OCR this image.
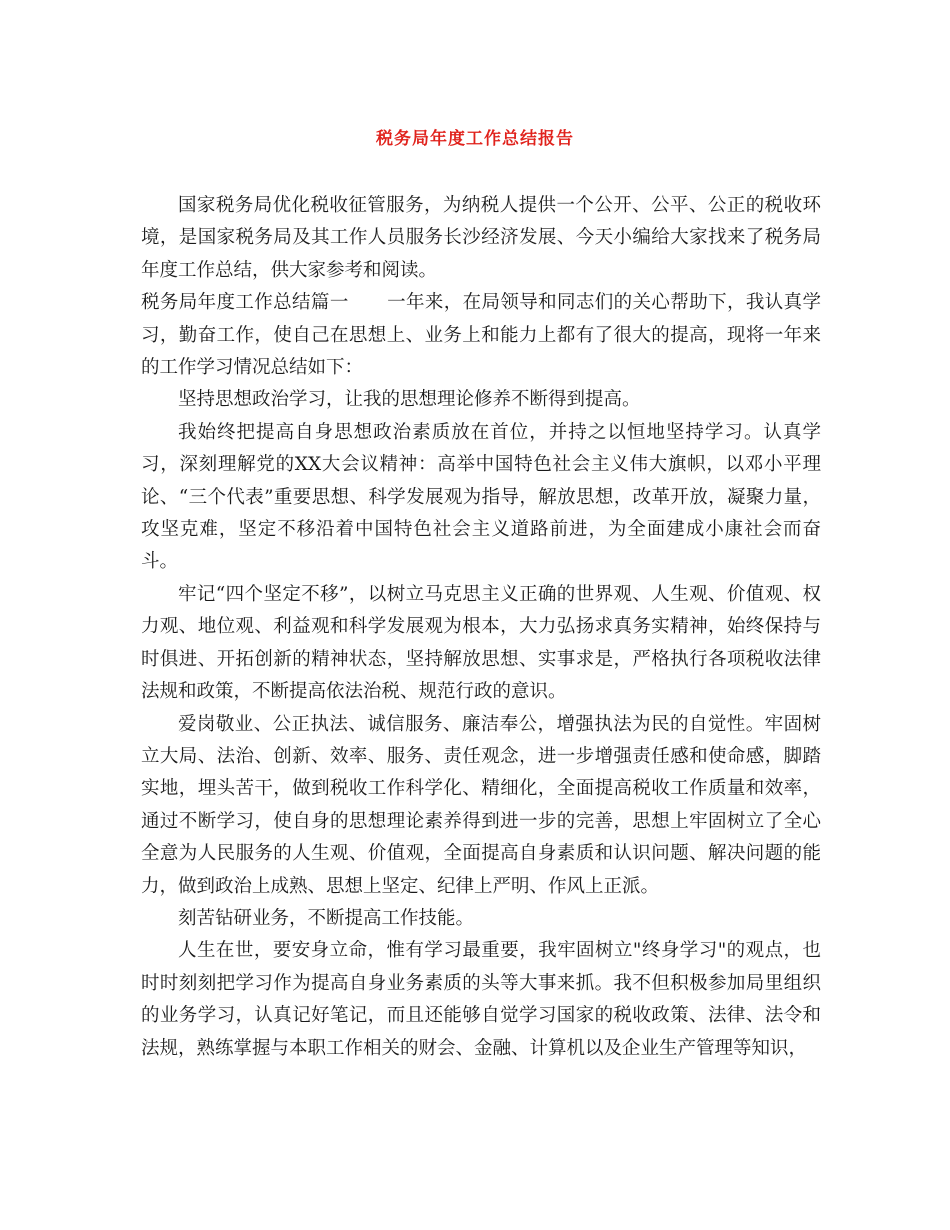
税务局年度工作总结报告

国家税务局优化税收征管服务，为纳税人提供一个公开、公平、公正的税收环境，是国家税务局及其工作人员服务长沙经济发展、今天小编给大家找来了税务局年度工作总结，供大家参考和阅读。

税务局年度工作总结篇一 一年来，在局领导和同志们的关心帮助下，我认真学习，勤奋工作，使自己在思想上、业务上和能力上都有了很大的提高，现将一年来的工作学习情况总结如下：

坚持思想政治学习，让我的思想理论修养不断得到提高。

我始终把提高自身思想政治素质放在首位，并持之以恒地坚持学习。认真学习，深刻理解党的XX大会议精神：高举中国特色社会主义伟大旗帜，以邓小平理论、“三个代表”重要思想、科学发展观为指导，解放思想，改革开放，凝聚力量，攻坚克难，坚定不移沿着中国特色社会主义道路前进，为全面建成小康社会而奋斗。

牢记“四个坚定不移”，以树立马克思主义正确的世界观、人生观、价值观、权力观、地位观、利益观和科学发展观为根本，大力弘扬求真务实精神，始终保持与时俱进、开拓创新的精神状态，坚持解放思想、实事求是，严格执行各项税收法律法规和政策，不断提高依法治税、规范行政的意识。

爱岗敬业、公正执法、诚信服务、廉洁奉公，增强执法为民的自觉性。牢固树立大局、法治、创新、效率、服务、责任观念，进一步增强责任感和使命感，脚踏实地，埋头苦干，做到税收工作科学化、精细化，全面提高税收工作质量和效率，通过不断学习，使自身的思想理论素养得到进一步的完善，思想上牢固树立了全心全意为人民服务的人生观、价值观，全面提高自身素质和认识问题、解决问题的能力，做到政治上成熟、思想上坚定、纪律上严明、作风上正派。

刻苦钻研业务，不断提高工作技能。

人生在世，要安身立命，惟有学习最重要，我牢固树立"终身学习"的观点，也时时刻刻把学习作为提高自身业务素质的头等大事来抓。我不但积极参加局里组织的业务学习，认真记好笔记，而且还能够自觉学习国家的税收政策、法律、法令和法规，熟练掌握与本职工作相关的财会、金融、计算机以及企业生产管理等知识，
